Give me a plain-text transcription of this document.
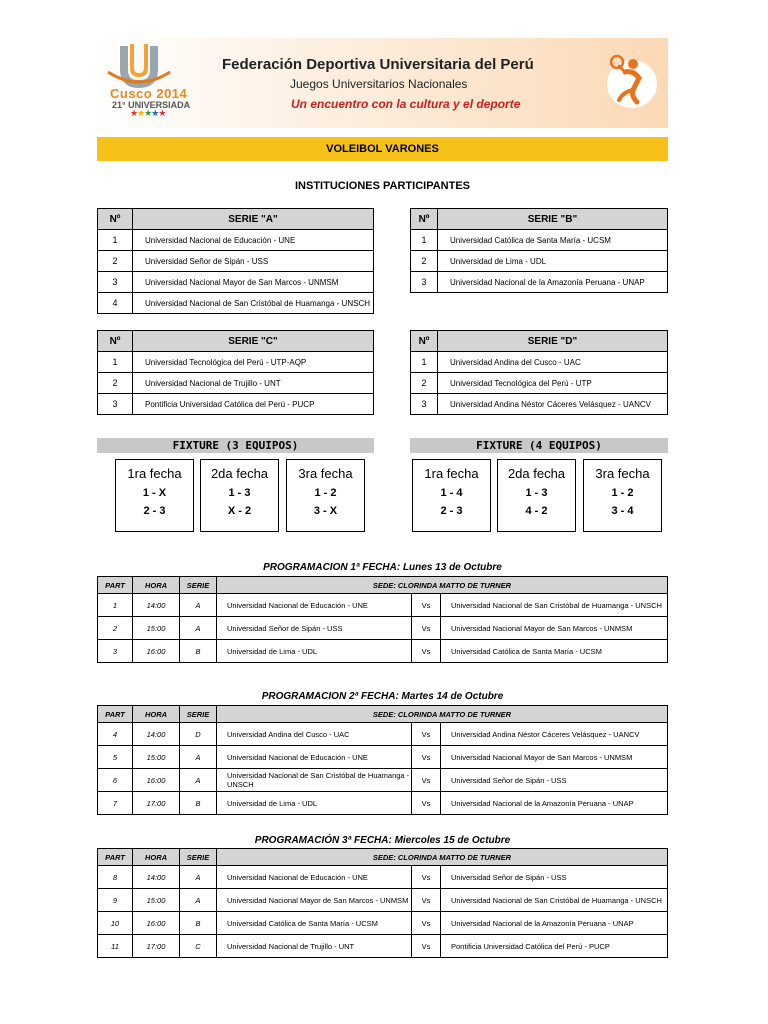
Cusco 2014
21° UNIVERSIADA
★★★★★
Federación Deportiva Universitaria del Perú
Juegos Universitarios Nacionales
Un encuentro con la cultura y el deporte
VOLEIBOL VARONES
INSTITUCIONES PARTICIPANTES
Nº	SERIE "A"
1	Universidad Nacional de Educación - UNE
2	Universidad Señor de Sipán - USS
3	Universidad Nacional Mayor de San Marcos - UNMSM
4	Universidad Nacional de San Cristóbal de Huamanga - UNSCH
Nº	SERIE "B"
1	Universidad Católica de Santa María - UCSM
2	Universidad de Lima - UDL
3	Universidad Nacional de la Amazonía Peruana - UNAP
Nº	SERIE "C"
1	Universidad Tecnológica del Perú - UTP-AQP
2	Universidad Nacional de Trujillo - UNT
3	Pontificia Universidad Católica del Perú - PUCP
Nº	SERIE "D"
1	Universidad Andina del Cusco - UAC
2	Universidad Tecnológica del Perú - UTP
3	Universidad Andina Néstor Cáceres Velásquez - UANCV
FIXTURE (3 EQUIPOS)
1ra fecha
1 - X
2 - 3
2da fecha
1 - 3
X - 2
3ra fecha
1 - 2
3 - X
FIXTURE (4 EQUIPOS)
1ra fecha
1 - 4
2 - 3
2da fecha
1 - 3
4 - 2
3ra fecha
1 - 2
3 - 4
PROGRAMACION 1ª FECHA: Lunes 13 de Octubre
PART	HORA	SERIE	SEDE: CLORINDA MATTO DE TURNER		
1	14:00	A	Universidad Nacional de Educación - UNE	Vs	Universidad Nacional de San Cristóbal de Huamanga - UNSCH
2	15:00	A	Universidad Señor de Sipán - USS	Vs	Universidad Nacional Mayor de San Marcos - UNMSM
3	16:00	B	Universidad de Lima - UDL	Vs	Universidad Católica de Santa María - UCSM
PROGRAMACION 2ª FECHA: Martes 14 de Octubre
PART	HORA	SERIE	SEDE: CLORINDA MATTO DE TURNER		
4	14:00	D	Universidad Andina del Cusco - UAC	Vs	Universidad Andina Néstor Cáceres Velásquez - UANCV
5	15:00	A	Universidad Nacional de Educación - UNE	Vs	Universidad Nacional Mayor de San Marcos - UNMSM
6	16:00	A	Universidad Nacional de San Cristóbal de Huamanga - UNSCH	Vs	Universidad Señor de Sipán - USS
7	17:00	B	Universidad de Lima - UDL	Vs	Universidad Nacional de la Amazonía Peruana - UNAP
PROGRAMACIÓN 3ª FECHA: Miercoles 15 de Octubre
PART	HORA	SERIE	SEDE: CLORINDA MATTO DE TURNER		
8	14:00	A	Universidad Nacional de Educación - UNE	Vs	Universidad Señor de Sipán - USS
9	15:00	A	Universidad Nacional Mayor de San Marcos - UNMSM	Vs	Universidad Nacional de San Cristóbal de Huamanga - UNSCH
10	16:00	B	Universidad Católica de Santa María - UCSM	Vs	Universidad Nacional de la Amazonía Peruana - UNAP
11	17:00	C	Universidad Nacional de Trujillo - UNT	Vs	Pontificia Universidad Católica del Perú - PUCP
